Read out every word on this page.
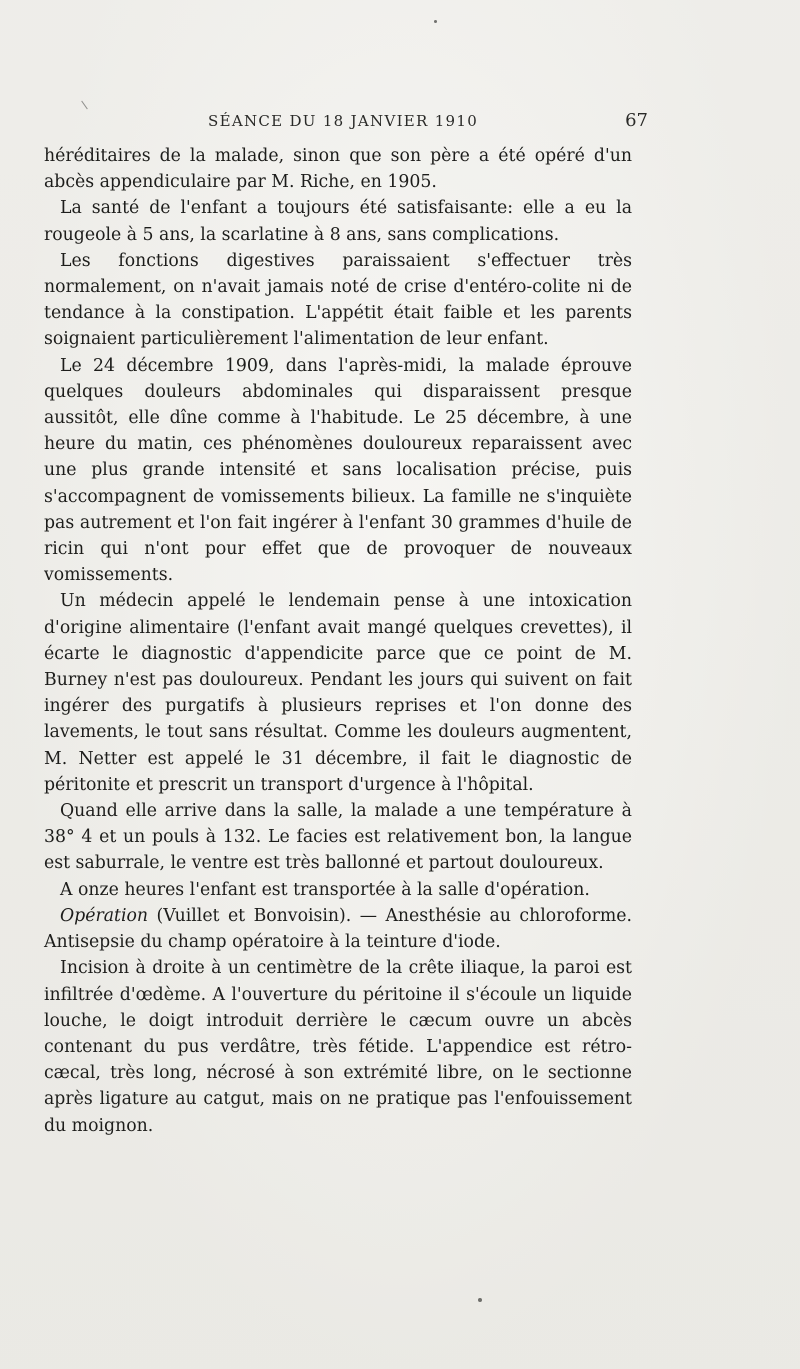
SÉANCE DU 18 JANVIER 1910	67

héréditaires de la malade, sinon que son père a été opéré d'un abcès appendiculaire par M. Riche, en 1905.

La santé de l'enfant a toujours été satisfaisante: elle a eu la rougeole à 5 ans, la scarlatine à 8 ans, sans complications.

Les fonctions digestives paraissaient s'effectuer très normalement, on n'avait jamais noté de crise d'entéro-colite ni de tendance à la constipation. L'appétit était faible et les parents soignaient particulièrement l'alimentation de leur enfant.

Le 24 décembre 1909, dans l'après-midi, la malade éprouve quelques douleurs abdominales qui disparaissent presque aussitôt, elle dîne comme à l'habitude. Le 25 décembre, à une heure du matin, ces phénomènes douloureux reparaissent avec une plus grande intensité et sans localisation précise, puis s'accompagnent de vomissements bilieux. La famille ne s'inquiète pas autrement et l'on fait ingérer à l'enfant 30 grammes d'huile de ricin qui n'ont pour effet que de provoquer de nouveaux vomissements.

Un médecin appelé le lendemain pense à une intoxication d'origine alimentaire (l'enfant avait mangé quelques crevettes), il écarte le diagnostic d'appendicite parce que ce point de M. Burney n'est pas douloureux. Pendant les jours qui suivent on fait ingérer des purgatifs à plusieurs reprises et l'on donne des lavements, le tout sans résultat. Comme les douleurs augmentent, M. Netter est appelé le 31 décembre, il fait le diagnostic de péritonite et prescrit un transport d'urgence à l'hôpital.

Quand elle arrive dans la salle, la malade a une température à 38° 4 et un pouls à 132. Le facies est relativement bon, la langue est saburrale, le ventre est très ballonné et partout douloureux.

A onze heures l'enfant est transportée à la salle d'opération.

Opération (Vuillet et Bonvoisin). — Anesthésie au chloroforme. Antisepsie du champ opératoire à la teinture d'iode.

Incision à droite à un centimètre de la crête iliaque, la paroi est infiltrée d'œdème. A l'ouverture du péritoine il s'écoule un liquide louche, le doigt introduit derrière le cæcum ouvre un abcès contenant du pus verdâtre, très fétide. L'appendice est rétro-cæcal, très long, nécrosé à son extrémité libre, on le sectionne après ligature au catgut, mais on ne pratique pas l'enfouissement du moignon.
